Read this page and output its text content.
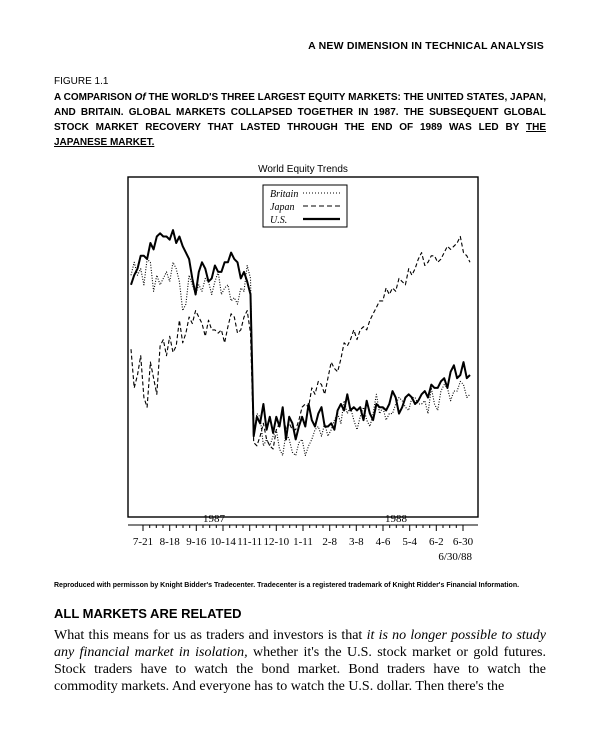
A NEW DIMENSION IN TECHNICAL ANALYSIS
FIGURE 1.1
A COMPARISON Of THE WORLD'S THREE LARGEST EQUITY MARKETS: THE UNITED STATES, JAPAN, AND BRITAIN. GLOBAL MARKETS COLLAPSED TOGETHER IN 1987. THE SUBSEQUENT GLOBAL STOCK MARKET RECOVERY THAT LASTED THROUGH THE END OF 1989 WAS LED BY THE JAPANESE MARKET.
World Equity Trends
Britain
Japan
U.S.
7-21 8-18 9-16 10-14 11-11 12-10 1-11 2-8 3-8 4-6 5-4 6-2 6-30
1987	1988
6/30/88
Reproduced with permisson by Knight Bidder's Tradecenter. Tradecenter is a registered trademark of Knight Ridder's Financial Information.
ALL MARKETS ARE RELATED
What this means for us as traders and investors is that it is no longer possible to study any financial market in isolation, whether it's the U.S. stock market or gold futures. Stock traders have to watch the bond market. Bond traders have to watch the commodity markets. And everyone has to watch the U.S. dollar. Then there's the
